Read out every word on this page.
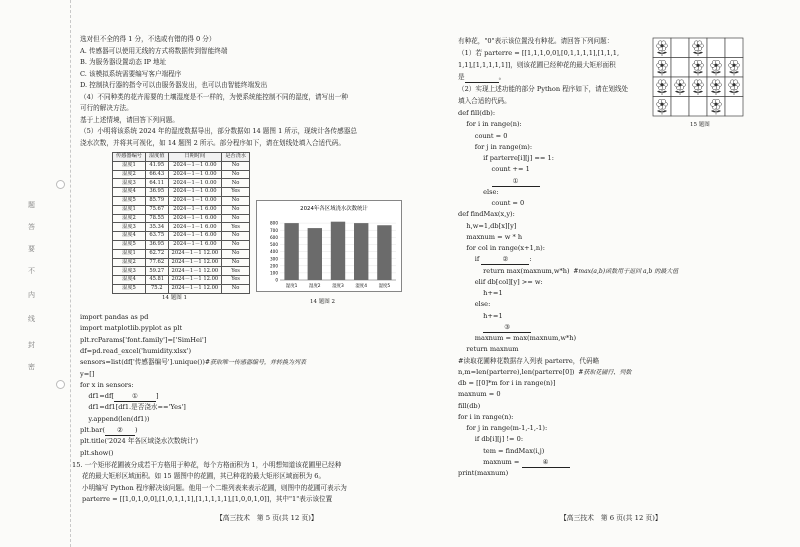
题
答
要
不
内
线
封
密
选对但不全的得 1 分，不选或有错的得 0 分）
A. 传感器可以使用无线的方式将数据传到智能终端
B. 为服务器设置动态 IP 地址
C. 该模拟系统需要编写客户端程序
D. 控制执行器的指令可以由服务器发出，也可以由智能终端发出
（4）不同种类的花卉需要的土壤湿度是不一样的，为使系统能控制不同的湿度，请写出一种
可行的解决方法。
基于上述情境，请回答下列问题。
（5）小明将该系统 2024 年的湿度数据导出，部分数据如 14 题图 1 所示，现统计各传感器总
浇水次数，并将其可视化，如 14 题图 2 所示。部分程序如下，请在划线处填入合适代码。
传感器编号	湿度值	日期时间	是否浇水
湿度1	41.95	2024－1－1 0.00	No
湿度2	66.43	2024－1－1 0.00	No
湿度3	64.11	2024－1－1 0.00	No
湿度4	36.95	2024－1－1 0.00	Yes
湿度5	85.79	2024－1－1 0.00	No
湿度1	75.67	2024－1－1 6.00	No
湿度2	78.55	2024－1－1 6.00	No
湿度3	35.34	2024－1－1 6.00	Yes
湿度4	63.75	2024－1－1 6.00	No
湿度5	36.95	2024－1－1 6.00	No
湿度1	62.72	2024－1－1 12.00	No
湿度2	77.62	2024－1－1 12.00	No
湿度3	59.27	2024－1－1 12.00	Yes
湿度4	45.81	2024－1－1 12.00	Yes
湿度5	75.2	2024－1－1 12.00	No
14 题图 1
2024年各区域浇水次数统计
0
100
200
300
400
500
600
700
800
湿度1	湿度2	湿度3	湿度4	湿度5
14 题图 2
import pandas as pd
import matplotlib.pyplot as plt
plt.rcParams['font.family']=['SimHei']
df=pd.read_excel('humidity.xlsx')
sensors=list(df['传感器编号'].unique())#获取唯一传感器编号，并转换为列表
y=[]
for x in sensors:
df1=df[	①	]
df1=df1[df1.是否浇水=='Yes']
y.append(len(df1))
plt.bar( ② )
plt.title('2024 年各区域浇水次数统计')
plt.show()
15. 一个矩形花圃被分成若干方格用于种花，每个方格面积为 1，小明想知道该花圃里已经种
花的最大矩形区域面积。如 15 题图中的花圃，其已种花的最大矩形区域面积为 6。
小明编写 Python 程序解决该问题。他用一个二维列表来表示花圃，则图中的花圃可表示为
parterre = [[1,0,1,0,0],[1,0,1,1,1],[1,1,1,1,1],[1,0,0,1,0]]，其中"1"表示该位置
【高三技术　第 5 页(共 12 页)】
有种花，"0"表示该位置没有种花。请回答下列问题：
（1）若 parterre = [[1,1,1,0,0],[0,1,1,1,1],[1,1,1,
1,1],[1,1,1,1,1]]，则该花圃已经种花的最大矩形面积
是	。
（2）实现上述功能的部分 Python 程序如下，请在划线处
填入合适的代码。
15 题图
def fill(db):
for i in range(n):
count = 0
for j in range(m):
if parterre[i][j] == 1:
count += 1
①
else:
count = 0
def findMax(x,y):
h,w=1,db[x][y]
maxnum = w * h
for col in range(x+1,n):
if	②	:
return max(maxnum,w*h)  #max(a,b)函数用于返回 a,b 的最大值
elif db[col][y] >= w:
h+=1
else:
h+=1
③
maxnum = max(maxnum,w*h)
return maxnum
#读取花圃种花数据存入列表 parterre，代码略
n,m=len(parterre),len(parterre[0])  #获取花圃行、列数
db = [[0]*m for i in range(n)]
maxnum = 0
fill(db)
for i in range(n):
for j in range(m-1,-1,-1):
if db[i][j] != 0:
tem = findMax(i,j)
maxnum =	④
print(maxnum)
【高三技术　第 6 页(共 12 页)】
